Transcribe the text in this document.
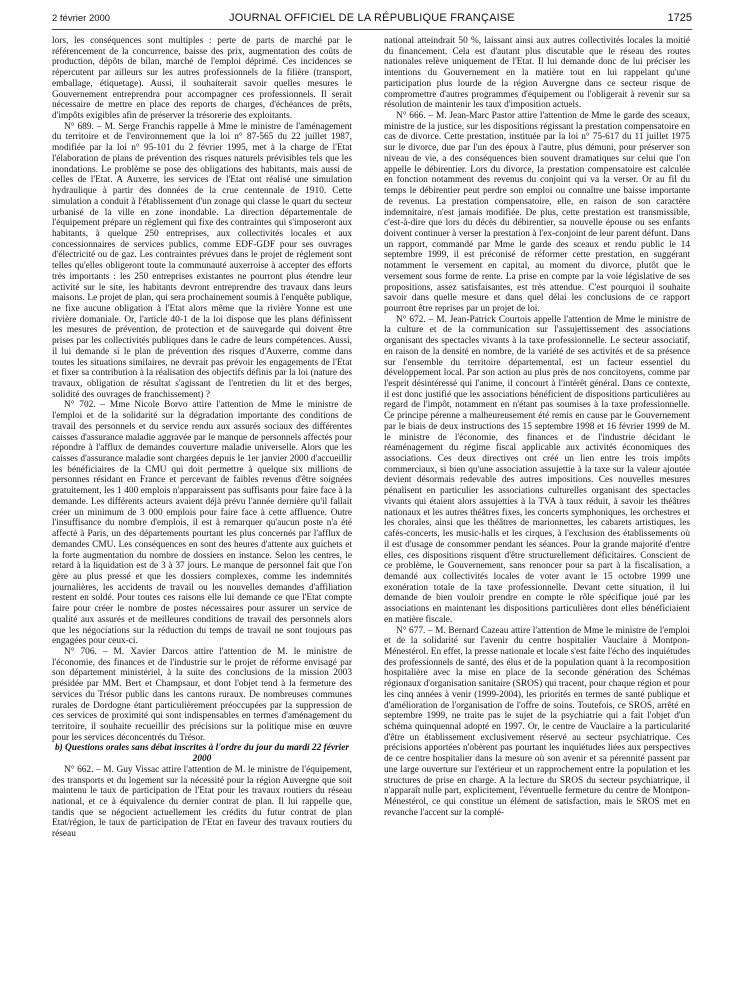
2 février 2000	JOURNAL OFFICIEL DE LA RÉPUBLIQUE FRANÇAISE	1725

lors, les conséquences sont multiples : perte de parts de marché par le référencement de la concurrence, baisse des prix, augmentation des coûts de production, dépôts de bilan, marché de l'emploi déprimé. Ces incidences se répercutent par ailleurs sur les autres professionnels de la filière (transport, emballage, étiquetage). Aussi, il souhaiterait savoir quelles mesures le Gouvernement entreprendra pour accompagner ces professionnels. Il serait nécessaire de mettre en place des reports de charges, d'échéances de prêts, d'impôts exigibles afin de préserver la trésorerie des exploitants.

N° 689. – M. Serge Franchis rappelle à Mme le ministre de l'aménagement du territoire et de l'environnement que la loi n° 87-565 du 22 juillet 1987, modifiée par la loi n° 95-101 du 2 février 1995, met à la charge de l'Etat l'élaboration de plans de prévention des risques naturels prévisibles tels que les inondations. Le problème se pose des obligations des habitants, mais aussi de celles de l'Etat. A Auxerre, les services de l'Etat ont réalisé une simulation hydraulique à partir des données de la crue centennale de 1910. Cette simulation a conduit à l'établissement d'un zonage qui classe le quart du secteur urbanisé de la ville en zone inondable. La direction départementale de l'équipement prépare un règlement qui fixe des contraintes qui s'imposeront aux habitants, à quelque 250 entreprises, aux collectivités locales et aux concessionnaires de services publics, comme EDF-GDF pour ses ouvrages d'électricité ou de gaz. Les contraintes prévues dans le projet de règlement sont telles qu'elles obligeront toute la communauté auxerroise à accepter des efforts très importants : les 250 entreprises existantes ne pourront plus étendre leur activité sur le site, les habitants devront entreprendre des travaux dans leurs maisons. Le projet de plan, qui sera prochainement soumis à l'enquête publique, ne fixe aucune obligation à l'Etat alors même que la rivière Yonne est une rivière domaniale. Or, l'article 40-1 de la loi dispose que les plans définissent les mesures de prévention, de protection et de sauvegarde qui doivent être prises par les collectivités publiques dans le cadre de leurs compétences. Aussi, il lui demande si le plan de prévention des risques d'Auxerre, comme dans toutes les situations similaires, ne devrait pas prévoir les engagements de l'Etat et fixer sa contribution à la réalisation des objectifs définis par la loi (nature des travaux, obligation de résultat s'agissant de l'entretien du lit et des berges, solidité des ouvrages de franchissement) ?

N° 702. – Mme Nicole Borvo attire l'attention de Mme le ministre de l'emploi et de la solidarité sur la dégradation importante des conditions de travail des personnels et du service rendu aux assurés sociaux des différentes caisses d'assurance maladie aggravée par le manque de personnels affectés pour répondre à l'afflux de demandes couverture maladie universelle. Alors que les caisses d'assurance maladie sont chargées depuis le 1er janvier 2000 d'accueillir les bénéficiaires de la CMU qui doit permettre à quelque six millions de personnes résidant en France et percevant de faibles revenus d'être soignées gratuitement, les 1 400 emplois n'apparaissent pas suffisants pour faire face à la demande. Les différents acteurs avaient déjà prévu l'année dernière qu'il fallait créer un minimum de 3 000 emplois pour faire face à cette affluence. Outre l'insuffisance du nombre d'emplois, il est à remarquer qu'aucun poste n'a été affecté à Paris, un des départements pourtant les plus concernés par l'afflux de demandes CMU. Les conséquences en sont des heures d'attente aux guichets et la forte augmentation du nombre de dossiers en instance. Selon les centres, le retard à la liquidation est de 3 à 37 jours. Le manque de personnel fait que l'on gère au plus pressé et que les dossiers complexes, comme les indemnités journalières, les accidents de travail ou les nouvelles demandes d'affiliation restent en soldé. Pour toutes ces raisons elle lui demande ce que l'Etat compte faire pour créer le nombre de postes nécessaires pour assurer un service de qualité aux assurés et de meilleures conditions de travail des personnels alors que les négociations sur la réduction du temps de travail ne sont toujours pas engagées pour ceux-ci.

N° 706. – M. Xavier Darcos attire l'attention de M. le ministre de l'économie, des finances et de l'industrie sur le projet de réforme envisagé par son département ministériel, à la suite des conclusions de la mission 2003 présidée par MM. Bert et Champsaur, et dont l'objet tend à la fermeture des services du Trésor public dans les cantons ruraux. De nombreuses communes rurales de Dordogne étant particulièrement préoccupées par la suppression de ces services de proximité qui sont indispensables en termes d'aménagement du territoire, il souhaite recueillir des précisions sur la politique mise en œuvre pour les services déconcentrés du Trésor.

b) Questions orales sans débat inscrites à l'ordre du jour du mardi 22 février 2000

N° 662. – M. Guy Vissac attire l'attention de M. le ministre de l'équipement, des transports et du logement sur la nécessité pour la région Auvergne que soit maintenu le taux de participation de l'Etat pour les travaux routiers du réseau national, et ce à équivalence du dernier contrat de plan. Il lui rappelle que, tandis que se négocient actuellement les crédits du futur contrat de plan Etat/région, le taux de participation de l'Etat en faveur des travaux routiers du réseau

national atteindrait 50 %, laissant ainsi aux autres collectivités locales la moitié du financement. Cela est d'autant plus discutable que le réseau des routes nationales relève uniquement de l'Etat. Il lui demande donc de lui préciser les intentions du Gouvernement en la matière tout en lui rappelant qu'une participation plus lourde de la région Auvergne dans ce secteur risque de compromettre d'autres programmes d'équipement ou l'obligerait à revenir sur sa résolution de maintenir les taux d'imposition actuels.

N° 666. – M. Jean-Marc Pastor attire l'attention de Mme le garde des sceaux, ministre de la justice, sur les dispositions régissant la prestation compensatoire en cas de divorce. Cette prestation, instituée par la loi n° 75-617 du 11 juillet 1975 sur le divorce, due par l'un des époux à l'autre, plus démuni, pour préserver son niveau de vie, a des conséquences bien souvent dramatiques sur celui que l'on appelle le débirentier. Lors du divorce, la prestation compensatoire est calculée en fonction notamment des revenus du conjoint qui va la verser. Or au fil du temps le débirentier peut perdre son emploi ou connaître une baisse importante de revenus. La prestation compensatoire, elle, en raison de son caractère indemnitaire, n'est jamais modifiée. De plus, cette prestation est transmissible, c'est-à-dire que lors du décès du débirentier, sa nouvelle épouse ou ses enfants doivent continuer à verser la prestation à l'ex-conjoint de leur parent défunt. Dans un rapport, commandé par Mme le garde des sceaux et rendu public le 14 septembre 1999, il est préconisé de réformer cette prestation, en suggérant notamment le versement en capital, au moment du divorce, plutôt que le versement sous forme de rente. La prise en compte par la voie législative de ses propositions, assez satisfaisantes, est très attendue. C'est pourquoi il souhaite savoir dans quelle mesure et dans quel délai les conclusions de ce rapport pourront être reprises par un projet de loi.

N° 672. – M. Jean-Patrick Courtois appelle l'attention de Mme le ministre de la culture et de la communication sur l'assujettissement des associations organisant des spectacles vivants à la taxe professionnelle. Le secteur associatif, en raison de la densité en nombre, de la variété de ses activités et de sa présence sur l'ensemble du territoire départemental, est un facteur essentiel du développement local. Par son action au plus près de nos concitoyens, comme par l'esprit désintéressé qui l'anime, il concourt à l'intérêt général. Dans ce contexte, il est donc justifié que les associations bénéficient de dispositions particulières au regard de l'impôt, notamment en n'étant pas soumises à la taxe professionnelle. Ce principe pérenne a malheureusement été remis en cause par le Gouvernement par le biais de deux instructions des 15 septembre 1998 et 16 février 1999 de M. le ministre de l'économie, des finances et de l'industrie décidant le réaménagement du régime fiscal applicable aux activités économiques des associations. Ces deux directives ont créé un lien entre les trois impôts commerciaux, si bien qu'une association assujettie à la taxe sur la valeur ajoutée devient désormais redevable des autres impositions. Ces nouvelles mesures pénalisent en particulier les associations culturelles organisant des spectacles vivants qui étaient alors assujetties à la TVA à taux réduit, à savoir les théâtres nationaux et les autres théâtres fixes, les concerts symphoniques, les orchestres et les chorales, ainsi que les théâtres de marionnettes, les cabarets artistiques, les cafés-concerts, les music-halls et les cirques, à l'exclusion des établissements où il est d'usage de consommer pendant les séances. Pour la grande majorité d'entre elles, ces dispositions risquent d'être structurellement déficitaires. Conscient de ce problème, le Gouvernement, sans renoncer pour sa part à la fiscalisation, a demandé aux collectivités locales de voter avant le 15 octobre 1999 une exonération totale de la taxe professionnelle. Devant cette situation, il lui demande de bien vouloir prendre en compte le rôle spécifique joué par les associations en maintenant les dispositions particulières dont elles bénéficiaient en matière fiscale.

N° 677. – M. Bernard Cazeau attire l'attention de Mme le ministre de l'emploi et de la solidarité sur l'avenir du centre hospitalier Vauclaire à Montpon-Ménestérol. En effet, la presse nationale et locale s'est faite l'écho des inquiétudes des professionnels de santé, des élus et de la population quant à la recomposition hospitalière avec la mise en place de la seconde génération des Schémas régionaux d'organisation sanitaire (SROS) qui tracent, pour chaque région et pour les cinq années à venir (1999-2004), les priorités en termes de santé publique et d'amélioration de l'organisation de l'offre de soins. Toutefois, ce SROS, arrêté en septembre 1999, ne traite pas le sujet de la psychiatrie qui a fait l'objet d'un schéma quinquennal adopté en 1997. Or, le centre de Vauclaire a la particularité d'être un établissement exclusivement réservé au secteur psychiatrique. Ces précisions apportées n'obèrent pas pourtant les inquiétudes liées aux perspectives de ce centre hospitalier dans la mesure où son avenir et sa pérennité passent par une large ouverture sur l'extérieur et un rapprochement entre la population et les structures de prise en charge. A la lecture du SROS du secteur psychiatrique, il n'apparaît nulle part, explicitement, l'éventuelle fermeture du centre de Montpon-Ménestérol, ce qui constitue un élément de satisfaction, mais le SROS met en revanche l'accent sur la complé-
